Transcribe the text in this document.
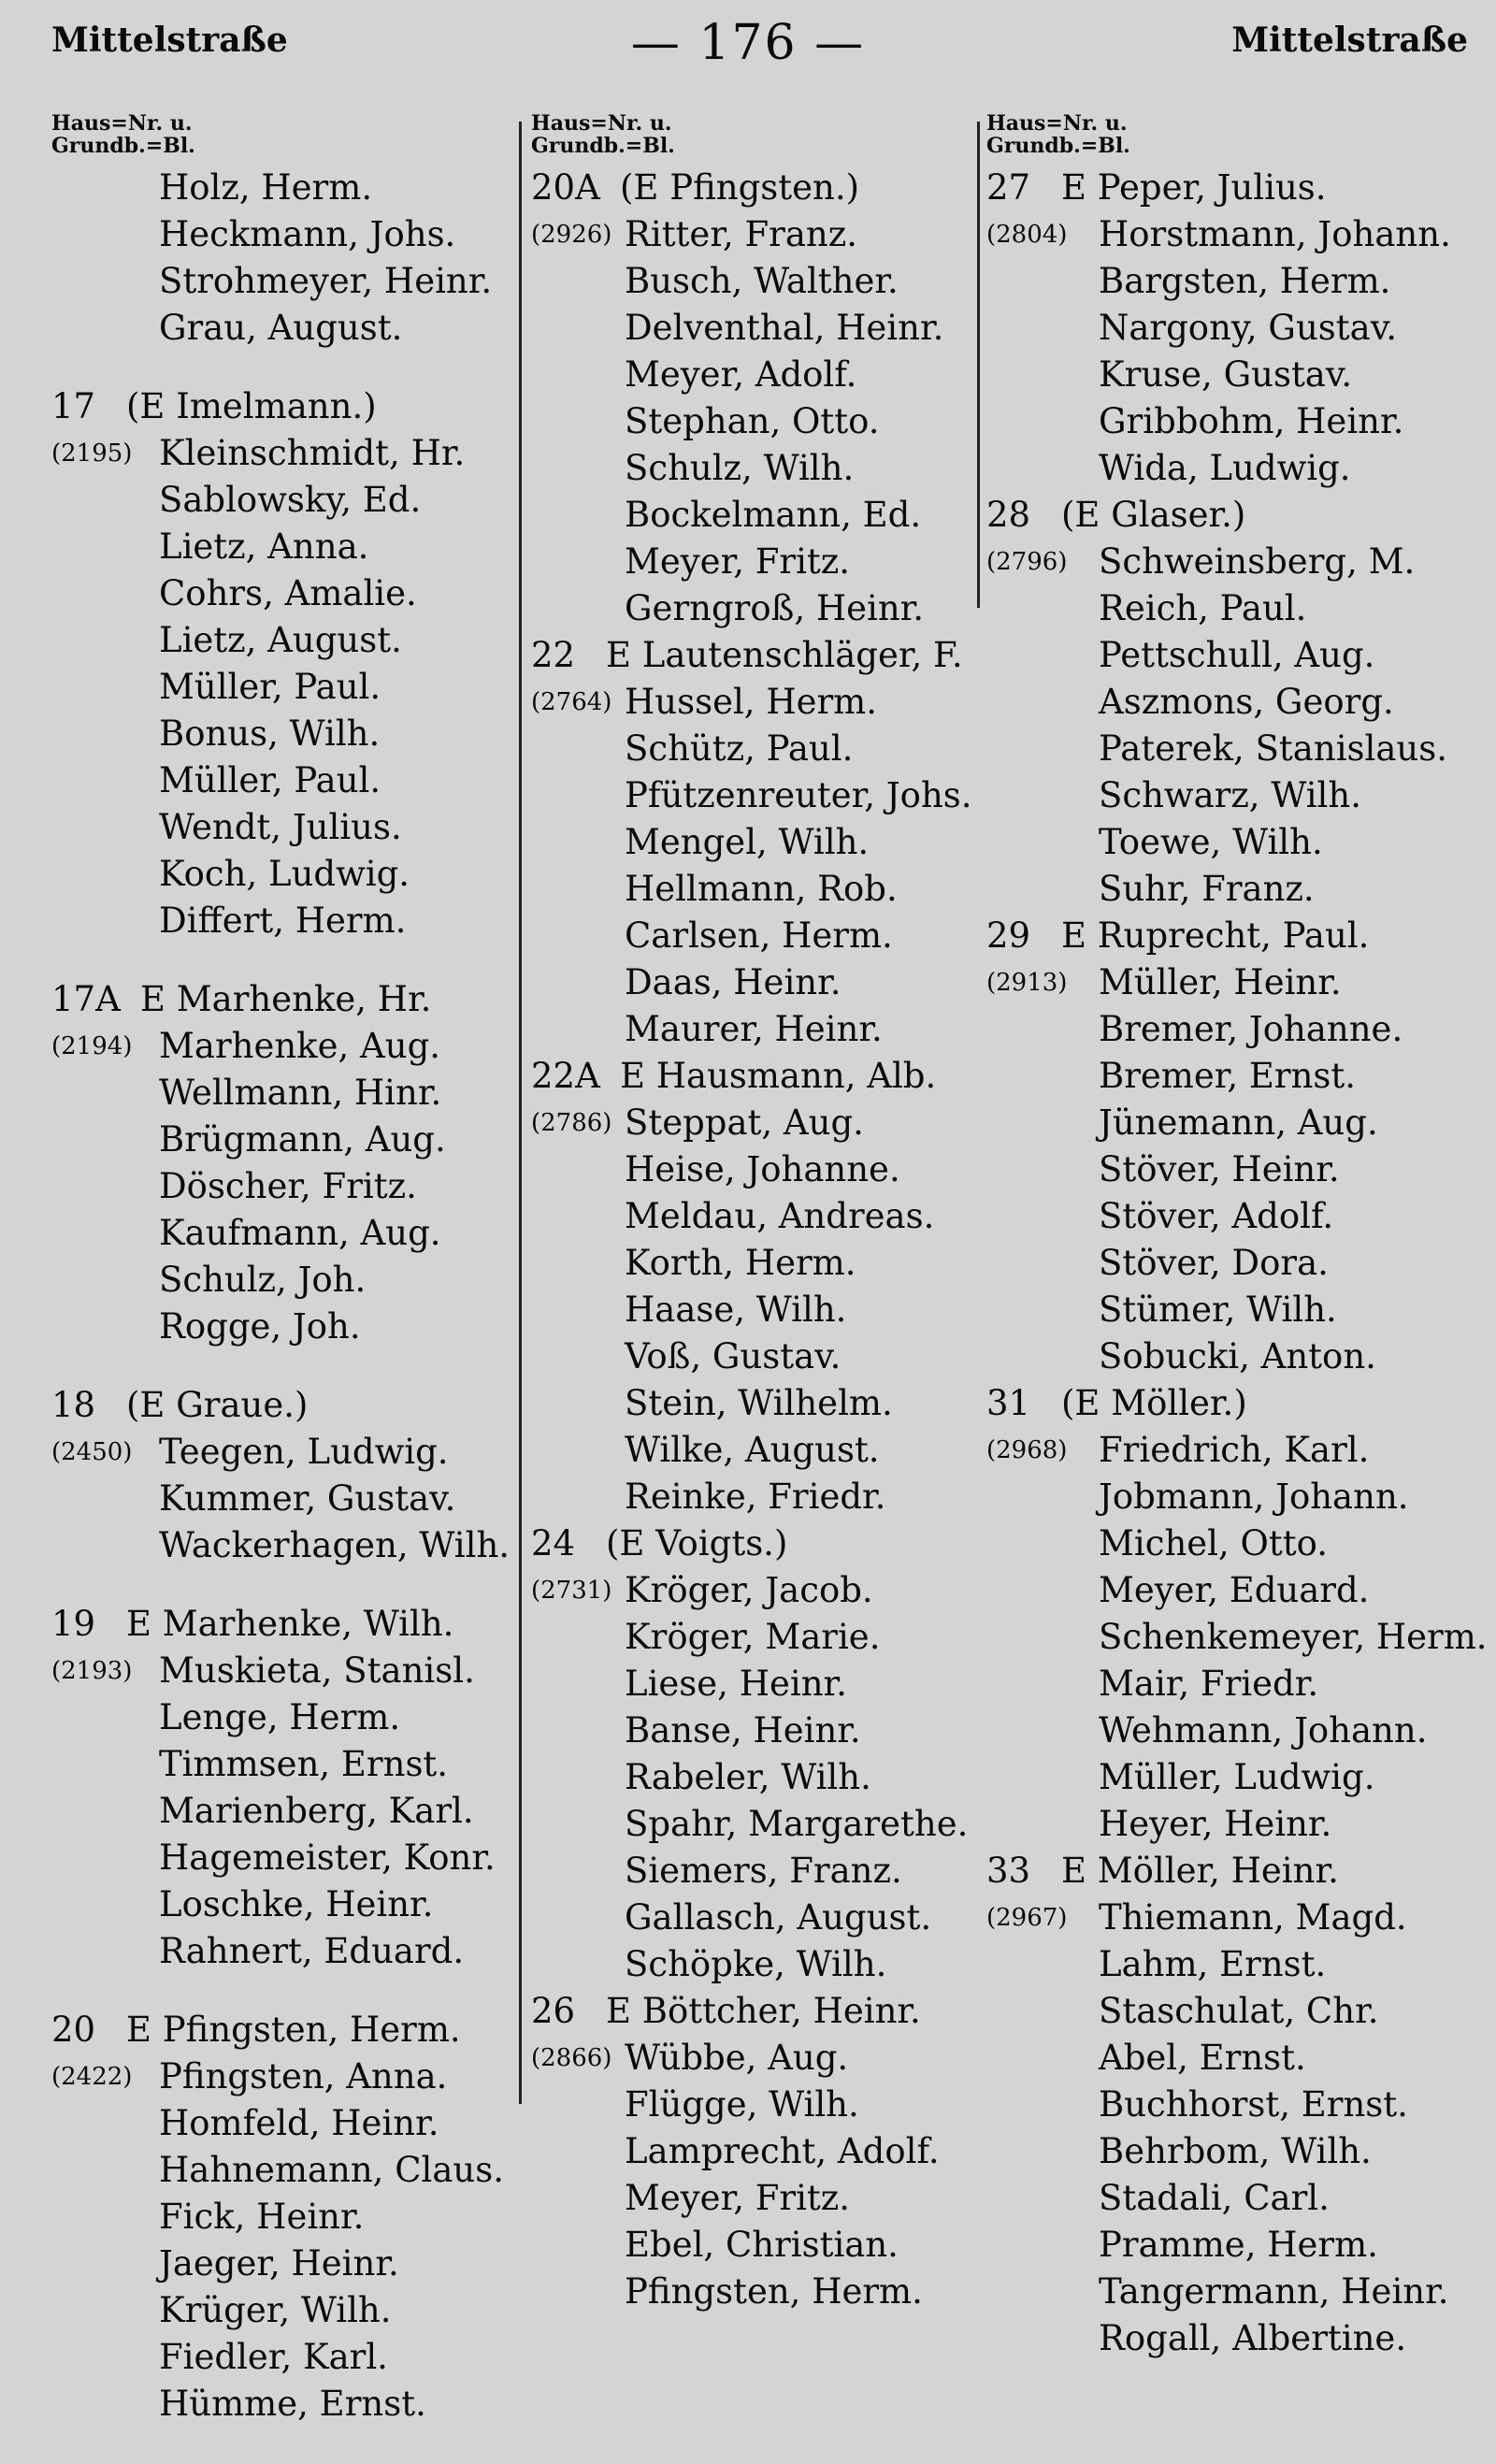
— 176 —
Mittelstraße	Mittelstraße
Haus=Nr. u.
Grundb.=Bl.
Holz, Herm.
Heckmann, Johs.
Strohmeyer, Heinr.
Grau, August.
17 (E Imelmann.)
(2195) Kleinschmidt, Hr.
Sablowsky, Ed.
Lietz, Anna.
Cohrs, Amalie.
Lietz, August.
Müller, Paul.
Bonus, Wilh.
Müller, Paul.
Wendt, Julius.
Koch, Ludwig.
Differt, Herm.
17A E Marhenke, Hr.
(2194) Marhenke, Aug.
Wellmann, Hinr.
Brügmann, Aug.
Döscher, Fritz.
Kaufmann, Aug.
Schulz, Joh.
Rogge, Joh.
18 (E Graue.)
(2450) Teegen, Ludwig.
Kummer, Gustav.
Wackerhagen, Wilh.
19 E Marhenke, Wilh.
(2193) Muskieta, Stanisl.
Lenge, Herm.
Timmsen, Ernst.
Marienberg, Karl.
Hagemeister, Konr.
Loschke, Heinr.
Rahnert, Eduard.
20 E Pfingsten, Herm.
(2422) Pfingsten, Anna.
Homfeld, Heinr.
Hahnemann, Claus.
Fick, Heinr.
Jaeger, Heinr.
Krüger, Wilh.
Fiedler, Karl.
Hümme, Ernst.
Haus=Nr. u.
Grundb.=Bl.
20A (E Pfingsten.)
(2926) Ritter, Franz.
Busch, Walther.
Delventhal, Heinr.
Meyer, Adolf.
Stephan, Otto.
Schulz, Wilh.
Bockelmann, Ed.
Meyer, Fritz.
Gerngroß, Heinr.
22 E Lautenschläger, F.
(2764) Hussel, Herm.
Schütz, Paul.
Pfützenreuter, Johs.
Mengel, Wilh.
Hellmann, Rob.
Carlsen, Herm.
Daas, Heinr.
Maurer, Heinr.
22A E Hausmann, Alb.
(2786) Steppat, Aug.
Heise, Johanne.
Meldau, Andreas.
Korth, Herm.
Haase, Wilh.
Voß, Gustav.
Stein, Wilhelm.
Wilke, August.
Reinke, Friedr.
24 (E Voigts.)
(2731) Kröger, Jacob.
Kröger, Marie.
Liese, Heinr.
Banse, Heinr.
Rabeler, Wilh.
Spahr, Margarethe.
Siemers, Franz.
Gallasch, August.
Schöpke, Wilh.
26 E Böttcher, Heinr.
(2866) Wübbe, Aug.
Flügge, Wilh.
Lamprecht, Adolf.
Meyer, Fritz.
Ebel, Christian.
Pfingsten, Herm.
Haus=Nr. u.
Grundb.=Bl.
27 E Peper, Julius.
(2804) Horstmann, Johann.
Bargsten, Herm.
Nargony, Gustav.
Kruse, Gustav.
Gribbohm, Heinr.
Wida, Ludwig.
28 (E Glaser.)
(2796) Schweinsberg, M.
Reich, Paul.
Pettschull, Aug.
Aszmons, Georg.
Paterek, Stanislaus.
Schwarz, Wilh.
Toewe, Wilh.
Suhr, Franz.
29 E Ruprecht, Paul.
(2913) Müller, Heinr.
Bremer, Johanne.
Bremer, Ernst.
Jünemann, Aug.
Stöver, Heinr.
Stöver, Adolf.
Stöver, Dora.
Stümer, Wilh.
Sobucki, Anton.
31 (E Möller.)
(2968) Friedrich, Karl.
Jobmann, Johann.
Michel, Otto.
Meyer, Eduard.
Schenkemeyer, Herm.
Mair, Friedr.
Wehmann, Johann.
Müller, Ludwig.
Heyer, Heinr.
33 E Möller, Heinr.
(2967) Thiemann, Magd.
Lahm, Ernst.
Staschulat, Chr.
Abel, Ernst.
Buchhorst, Ernst.
Behrbom, Wilh.
Stadali, Carl.
Pramme, Herm.
Tangermann, Heinr.
Rogall, Albertine.
